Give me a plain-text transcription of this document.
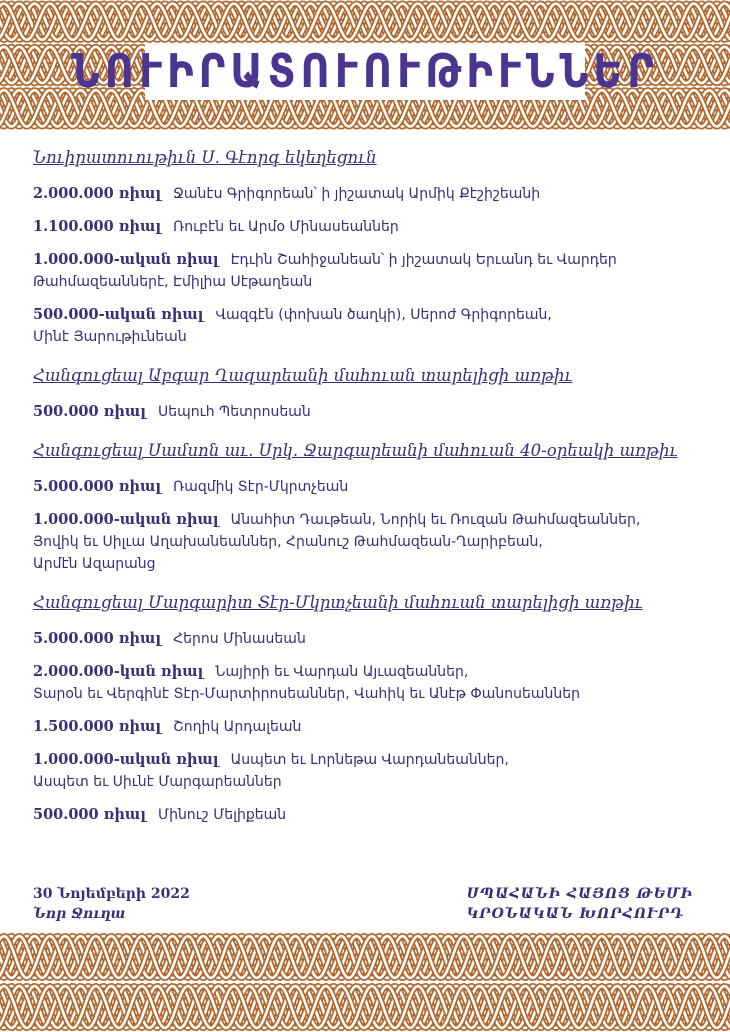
ՆՈՒԻՐԱՏՈՒՈՒԹԻՒՆՆԵՐ
Նուիրատուութիւն Ս. Գէորգ եկեղեցուն
2.000.000 ռիալ Ջանէս Գրիգորեան՝ ի յիշատակ Արմիկ Քէշիշեանի
1.100.000 ռիալ Ռուբէն եւ Արմօ Մինասեաններ
1.000.000-ական ռիալ Էդւին Շահիջանեան՝ ի յիշատակ Երւանդ եւ Վարդեր
Թահմազեաններէ, Էմիլիա Սէթաղեան
500.000-ական ռիալ Վազգէն (փոխան ծաղկի), Սերոժ Գրիգորեան,
Մինէ Յարութիւնեան
Հանգուցեալ Աբգար Ղազարեանի մահուան տարելիցի առթիւ
500.000 ռիալ Սեպուհ Պետրոսեան
Հանգուցեալ Սամսոն աւ. Սրկ. Ջարգարեանի մահուան 40-օրեակի առթիւ
5.000.000 ռիալ Ռազմիկ Տէր-Մկրտչեան
1.000.000-ական ռիալ Անահիտ Դաւթեան, Նորիկ եւ Ռուզան Թահմազեաններ,
Յովիկ եւ Սիլւա Աղախանեաններ, Հրանուշ Թահմազեան-Ղարիբեան,
Արմէն Ազարանց
Հանգուցեալ Մարգարիտ Տէր-Մկրտչեանի մահուան տարելիցի առթիւ
5.000.000 ռիալ Հերոս Մինասեան
2.000.000-կան ռիալ Նայիրի եւ Վարդան Այւազեաններ,
Տարօն եւ Վերգինէ Տէր-Մարտիրոսեաններ, Վաhիկ եւ Անէթ Փանոսեաններ
1.500.000 ռիալ Շողիկ Արդալեան
1.000.000-ական ռիալ Ասպետ եւ Լորնեթա Վարդանեաններ,
Ասպետ եւ Սիւնէ Մարգարեաններ
500.000 ռիալ Մինուշ Մելիքեան
30 Նոյեմբերի 2022
Նոր Ջուղա
ՍՊԱՀԱՆԻ ՀԱՅՈՑ ԹԵՄԻ
ԿՐՕՆԱԿԱՆ ԽՈՐՀՈՒՐԴ
